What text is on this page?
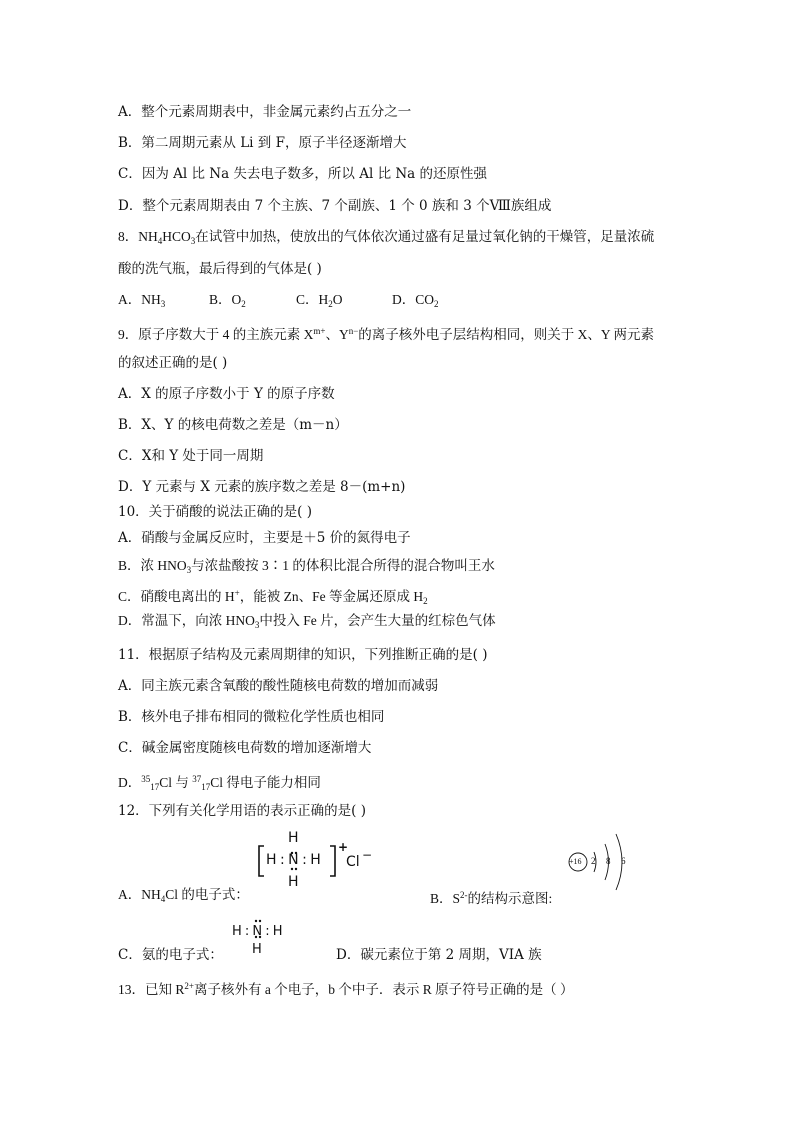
A．整个元素周期表中，非金属元素约占五分之一
B．第二周期元素从 Li 到 F，原子半径逐渐增大
C．因为 Al 比 Na 失去电子数多，所以 Al 比 Na 的还原性强
D．整个元素周期表由 7 个主族、7 个副族、1 个 0 族和 3 个Ⅷ族组成
8．$NH_4HCO_3$在试管中加热，使放出的气体依次通过盛有足量过氧化钠的干燥管，足量浓硫
酸的洗气瓶，最后得到的气体是( )
A．$NH_3$	B．$O_2$	C．$H_2O$	D．$CO_2$
9．原子序数大于 4 的主族元素 $X^{m+}$、$Y^{n-}$的离子核外电子层结构相同，则关于 X、Y 两元素
的叙述正确的是( )
A．X 的原子序数小于 Y 的原子序数
B．X、Y 的核电荷数之差是（m－n）
C．X和 Y 处于同一周期
D．Y 元素与 X 元素的族序数之差是 8－(m+n)
10．关于硝酸的说法正确的是( )
A．硝酸与金属反应时，主要是＋5 价的氮得电子
B．浓 $HNO_3$与浓盐酸按 3∶1 的体积比混合所得的混合物叫王水
C．硝酸电离出的 H+，能被 Zn、Fe 等金属还原成 $H_2$
D．常温下，向浓 $HNO_3$中投入 Fe 片，会产生大量的红棕色气体
11．根据原子结构及元素周期律的知识，下列推断正确的是( )
A．同主族元素含氧酸的酸性随核电荷数的增加而减弱
B．核外电子排布相同的微粒化学性质也相同
C．碱金属密度随核电荷数的增加逐渐增大
D．$^{35}_{17}$Cl 与 $^{37}_{17}$Cl 得电子能力相同
12．下列有关化学用语的表示正确的是( )
H
H : N : H
H
+
Cl −	+16 2 8 6
A．$NH_4Cl$ 的电子式：	B．$S^{2-}$的结构示意图:
H : N : H
H
C．氨的电子式：	D．碳元素位于第 2 周期，VIA 族
13．已知 $R^{2+}$离子核外有 a 个电子，b 个中子．表示 R 原子符号正确的是（ ）
